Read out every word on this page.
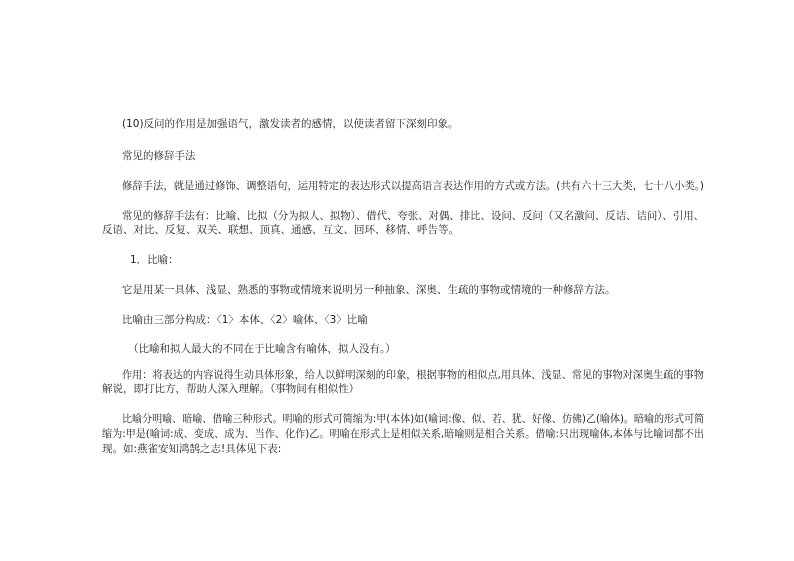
(10)反问的作用是加强语气，激发读者的感情，以使读者留下深刻印象。
常见的修辞手法
修辞手法，就是通过修饰、调整语句，运用特定的表达形式以提高语言表达作用的方式或方法。(共有六十三大类，七十八小类。)
常见的修辞手法有：比喻、比拟（分为拟人、拟物）、借代、夸张、对偶、排比、设问、反问（又名激问、反诘、诘问）、引用、
反语、对比、反复、双关、联想、顶真、通感、互文、回环、移情、呼告等。
1．比喻：
它是用某一具体、浅显、熟悉的事物或情境来说明另一种抽象、深奥、生疏的事物或情境的一种修辞方法。
比喻由三部分构成：〈1〉本体、〈2〉喻体、〈3〉比喻
（比喻和拟人最大的不同在于比喻含有喻体，拟人没有。）
作用：将表达的内容说得生动具体形象，给人以鲜明深刻的印象，根据事物的相似点,用具体、浅显、常见的事物对深奥生疏的事物
解说，即打比方，帮助人深入理解。（事物间有相似性）
比喻分明喻、暗喻、借喻三种形式。明喻的形式可简缩为:甲(本体)如(喻词:像、似、若、犹、好像、仿佛)乙(喻体)。暗喻的形式可简
缩为:甲是(喻词:成、变成、成为、当作、化作)乙。明喻在形式上是相似关系,暗喻则是相合关系。借喻:只出现喻体,本体与比喻词都不出
现。如:燕雀安知鸿鹄之志!具体见下表:
